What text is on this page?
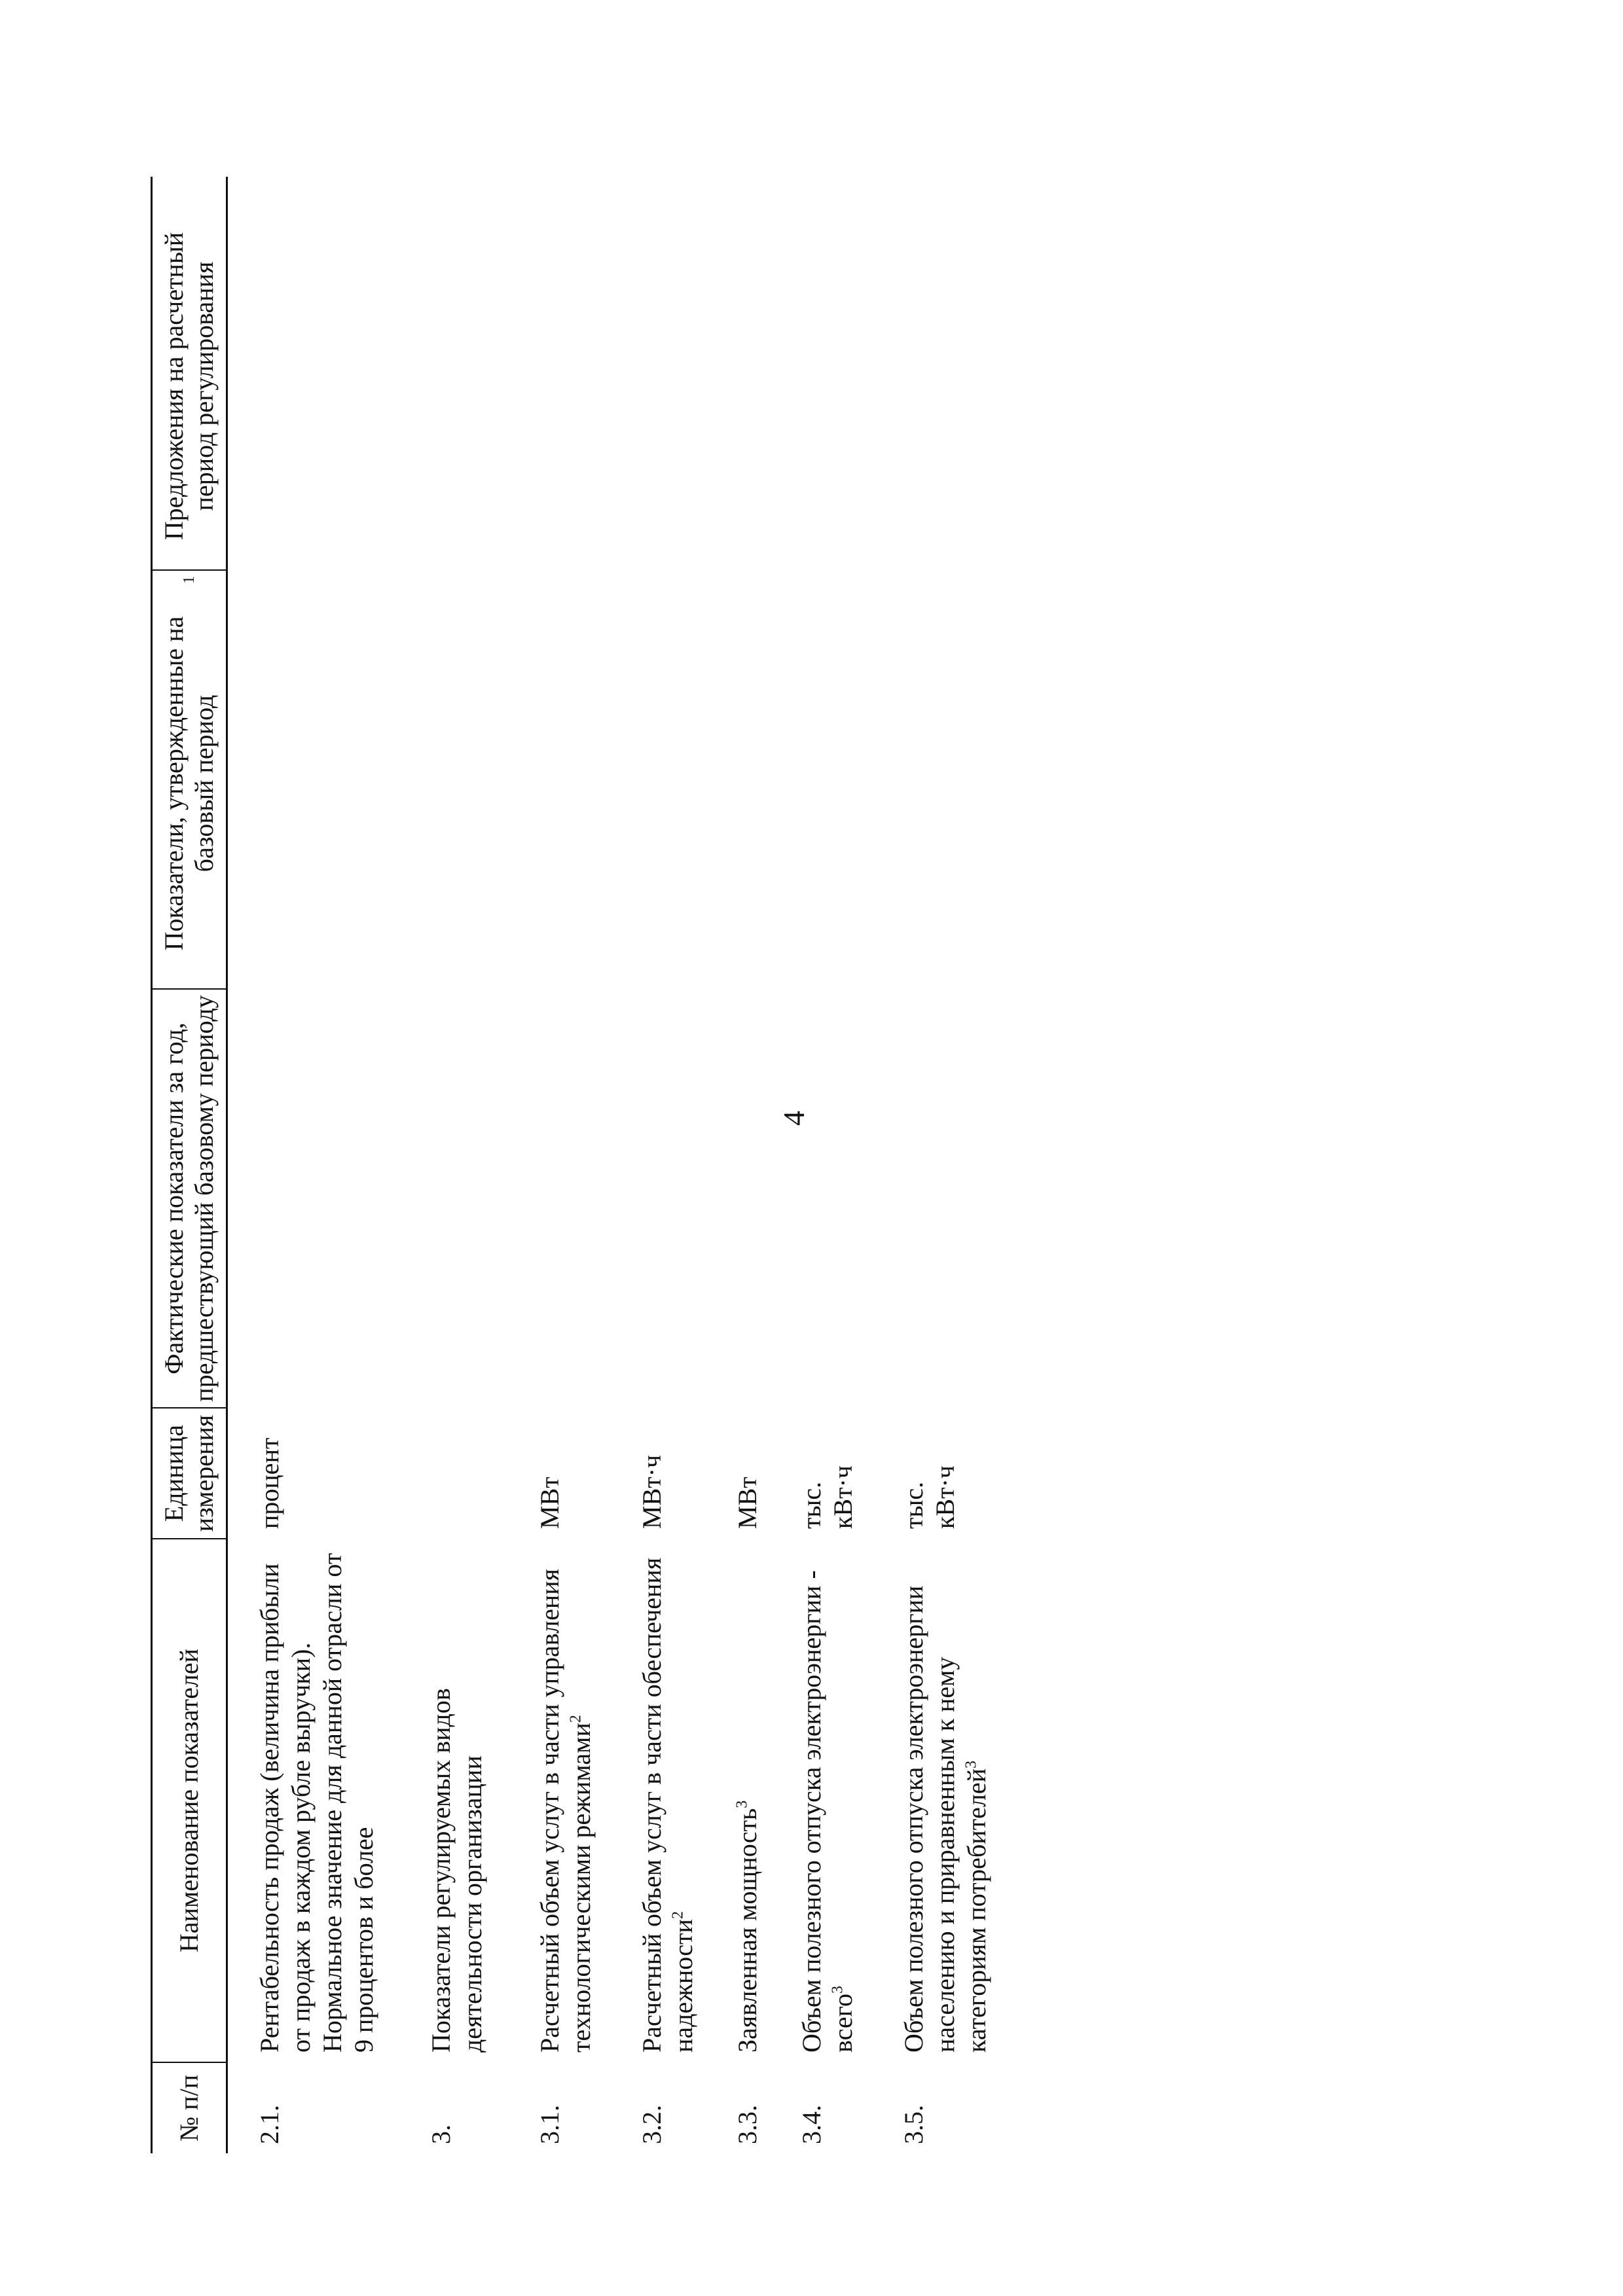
4
№ п/п
Наименование показателей
Единица измерения
Фактические показатели за год, предшествующий базовому периоду
Показатели, утвержденные на базовый период
1
Предложения на расчетный период регулирования
2.1.
Рентабельность продаж (величина прибыли от продаж в каждом рубле выручки). Нормальное значение для данной отрасли от 9 процентов и более
процент
3.
Показатели регулируемых видов деятельности организации
3.1.
Расчетный объем услуг в части управления технологическими режимами$^2$
МВт
3.2.
Расчетный объем услуг в части обеспечения надежности$^2$
МВт·ч
3.3.
Заявленная мощность$^3$
МВт
3.4.
Объем полезного отпуска электроэнергии - всего$^3$
тыс. кВт·ч
3.5.
Объем полезного отпуска электроэнергии населению и приравненным к нему категориям потребителей$^3$
тыс. кВт·ч
